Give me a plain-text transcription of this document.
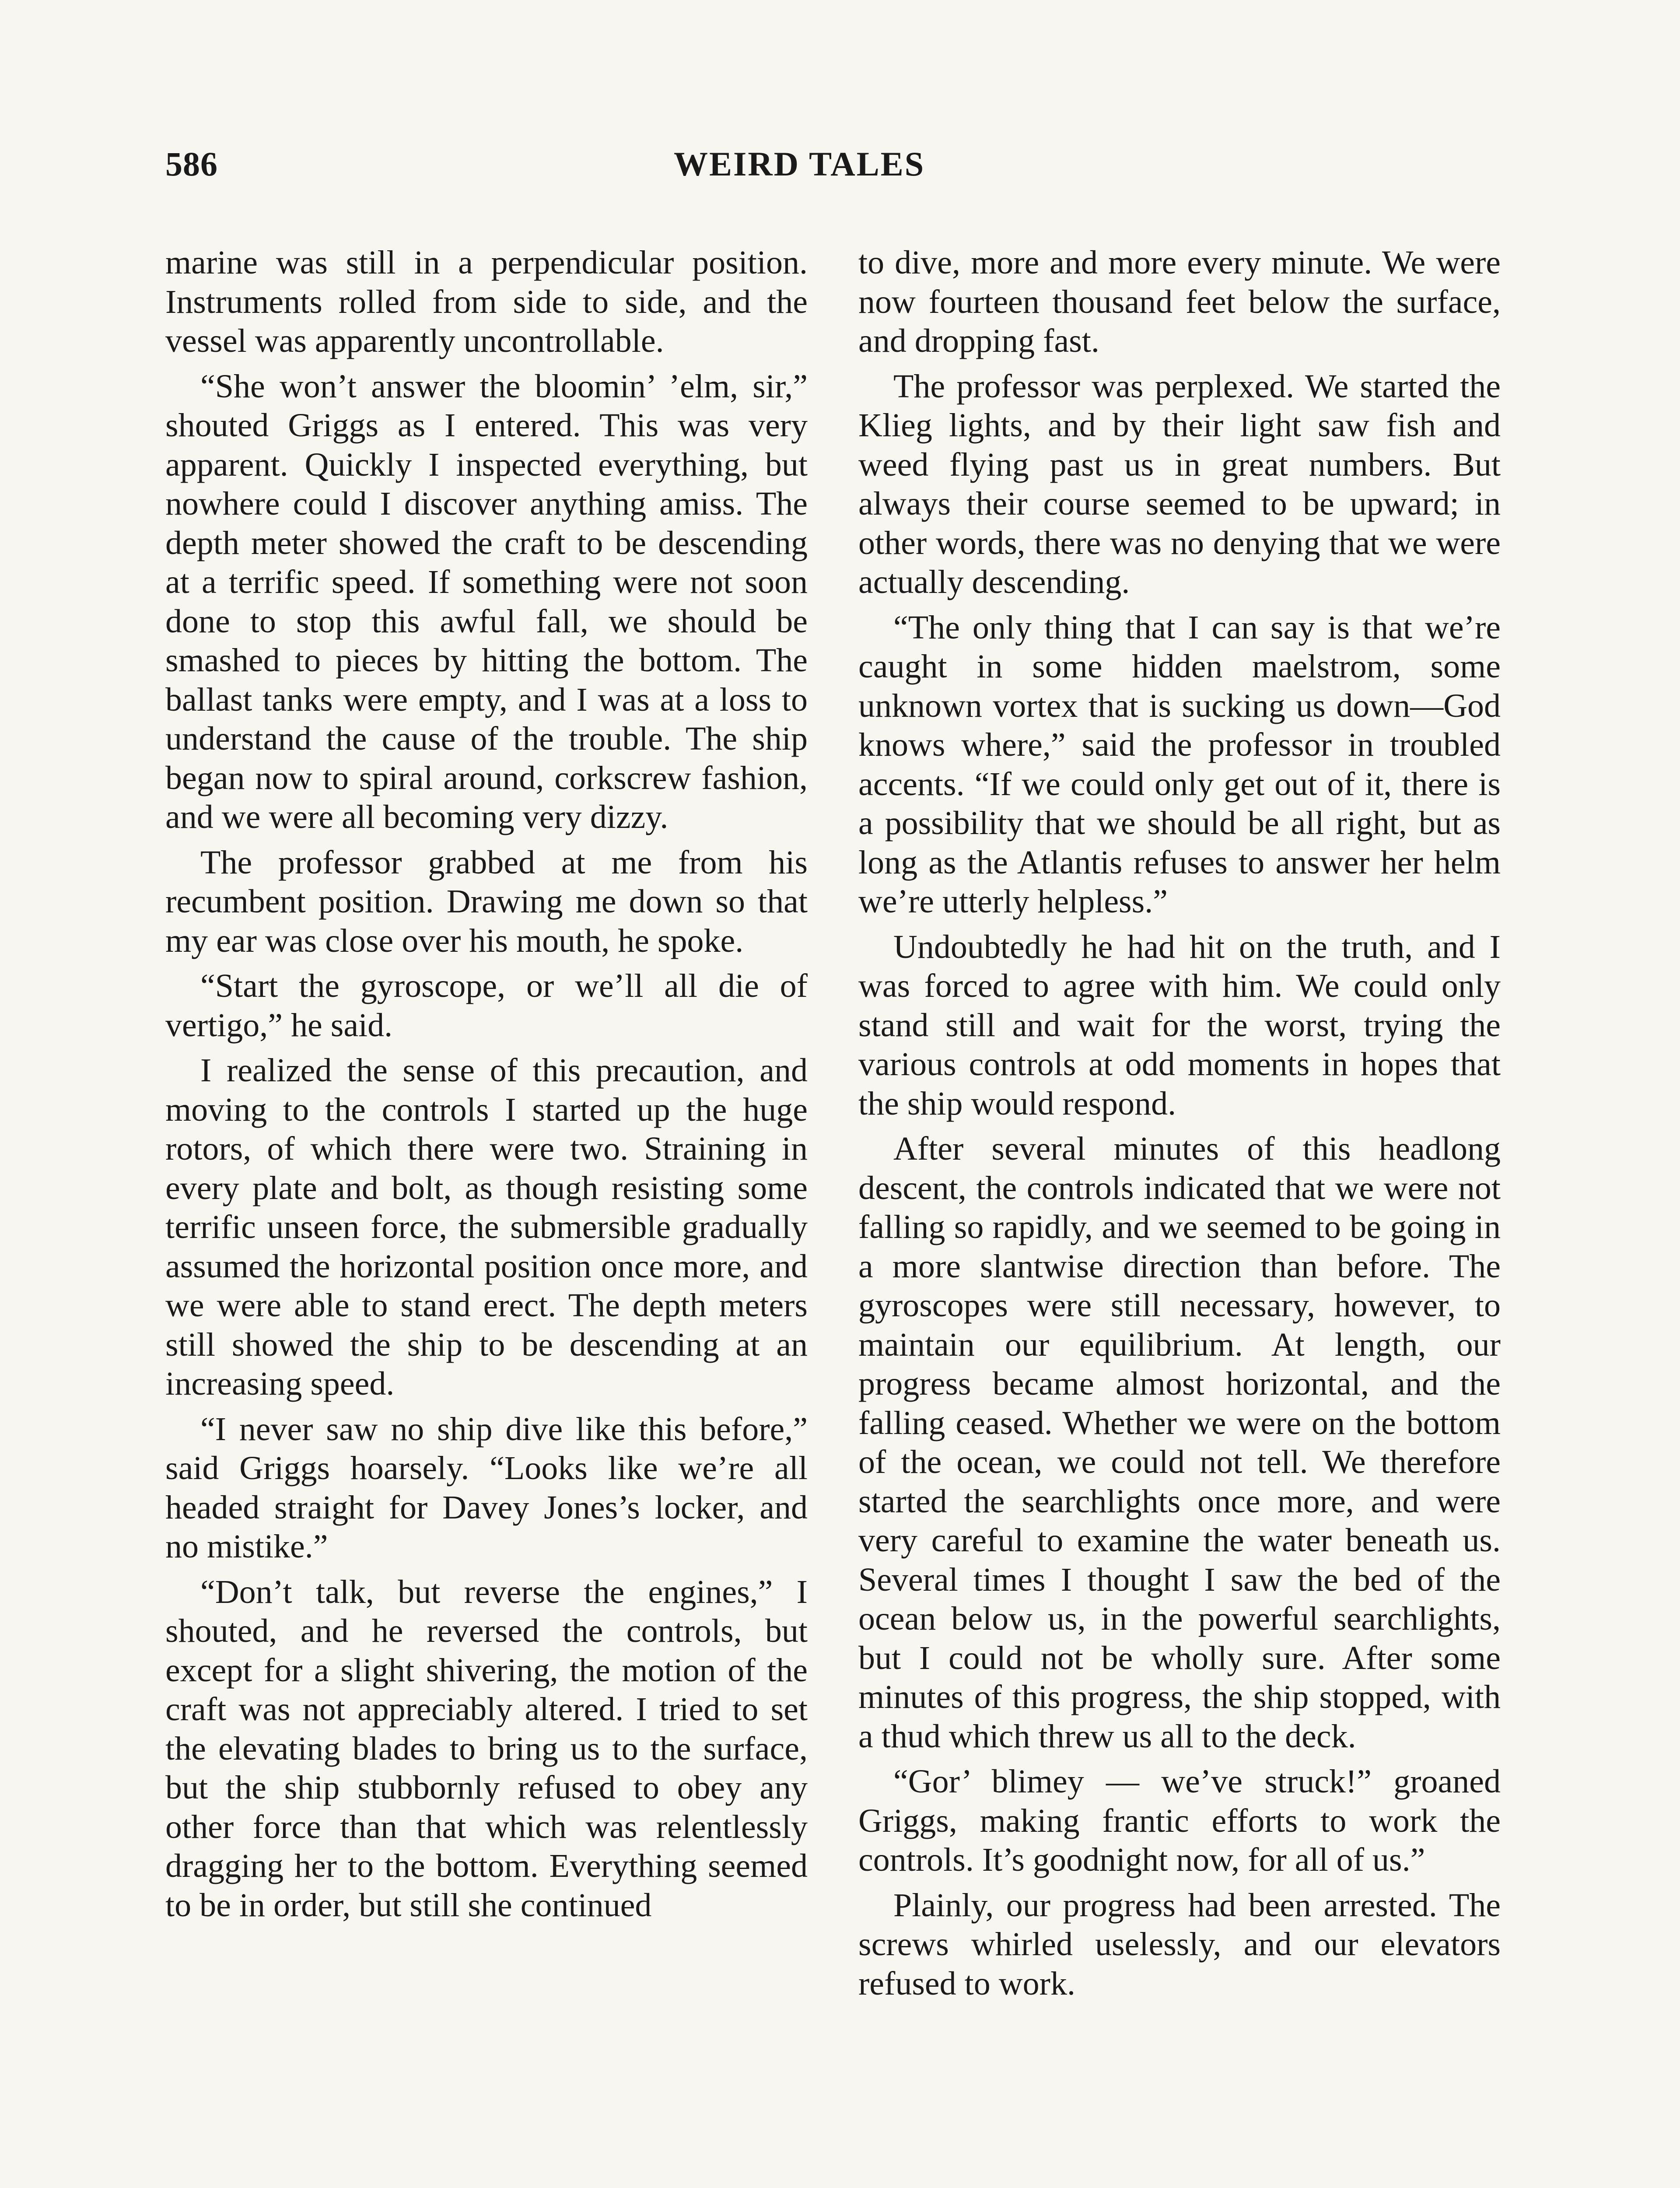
586	WEIRD TALES

marine was still in a perpendicular position. Instruments rolled from side to side, and the vessel was apparently uncontrollable.

“She won’t answer the bloomin’ ’elm, sir,” shouted Griggs as I entered. This was very apparent. Quickly I inspected everything, but nowhere could I discover anything amiss. The depth meter showed the craft to be descending at a terrific speed. If something were not soon done to stop this awful fall, we should be smashed to pieces by hitting the bottom. The ballast tanks were empty, and I was at a loss to understand the cause of the trouble. The ship began now to spiral around, corkscrew fashion, and we were all becoming very dizzy.

The professor grabbed at me from his recumbent position. Drawing me down so that my ear was close over his mouth, he spoke.

“Start the gyroscope, or we’ll all die of vertigo,” he said.

I realized the sense of this precaution, and moving to the controls I started up the huge rotors, of which there were two. Straining in every plate and bolt, as though resisting some terrific unseen force, the submersible gradually assumed the horizontal position once more, and we were able to stand erect. The depth meters still showed the ship to be descending at an increasing speed.

“I never saw no ship dive like this before,” said Griggs hoarsely. “Looks like we’re all headed straight for Davey Jones’s locker, and no mistike.”

“Don’t talk, but reverse the engines,” I shouted, and he reversed the controls, but except for a slight shivering, the motion of the craft was not appreciably altered. I tried to set the elevating blades to bring us to the surface, but the ship stubbornly refused to obey any other force than that which was relentlessly dragging her to the bottom. Everything seemed to be in order, but still she continued

to dive, more and more every minute. We were now fourteen thousand feet below the surface, and dropping fast.

The professor was perplexed. We started the Klieg lights, and by their light saw fish and weed flying past us in great numbers. But always their course seemed to be upward; in other words, there was no denying that we were actually descending.

“The only thing that I can say is that we’re caught in some hidden maelstrom, some unknown vortex that is sucking us down—God knows where,” said the professor in troubled accents. “If we could only get out of it, there is a possibility that we should be all right, but as long as the Atlantis refuses to answer her helm we’re utterly helpless.”

Undoubtedly he had hit on the truth, and I was forced to agree with him. We could only stand still and wait for the worst, trying the various controls at odd moments in hopes that the ship would respond.

After several minutes of this headlong descent, the controls indicated that we were not falling so rapidly, and we seemed to be going in a more slantwise direction than before. The gyroscopes were still necessary, however, to maintain our equilibrium. At length, our progress became almost horizontal, and the falling ceased. Whether we were on the bottom of the ocean, we could not tell. We therefore started the searchlights once more, and were very careful to examine the water beneath us. Several times I thought I saw the bed of the ocean below us, in the powerful searchlights, but I could not be wholly sure. After some minutes of this progress, the ship stopped, with a thud which threw us all to the deck.

“Gor’ blimey — we’ve struck!” groaned Griggs, making frantic efforts to work the controls. It’s goodnight now, for all of us.”

Plainly, our progress had been arrested. The screws whirled uselessly, and our elevators refused to work.
